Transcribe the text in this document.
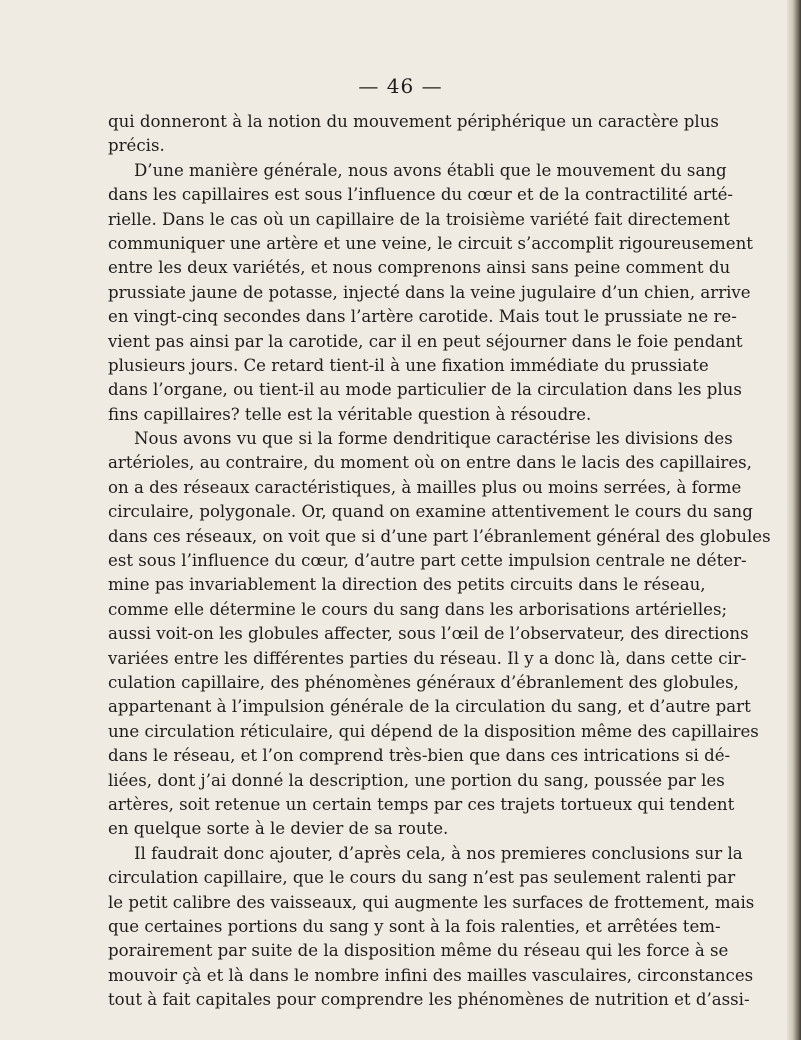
— 46 —
qui donneront à la notion du mouvement périphérique un caractère plus
précis.
D’une manière générale, nous avons établi que le mouvement du sang
dans les capillaires est sous l’influence du cœur et de la contractilité arté-
rielle. Dans le cas où un capillaire de la troisième variété fait directement
communiquer une artère et une veine, le circuit s’accomplit rigoureusement
entre les deux variétés, et nous comprenons ainsi sans peine comment du
prussiate jaune de potasse, injecté dans la veine jugulaire d’un chien, arrive
en vingt-cinq secondes dans l’artère carotide. Mais tout le prussiate ne re-
vient pas ainsi par la carotide, car il en peut séjourner dans le foie pendant
plusieurs jours. Ce retard tient-il à une fixation immédiate du prussiate
dans l’organe, ou tient-il au mode particulier de la circulation dans les plus
fins capillaires? telle est la véritable question à résoudre.
Nous avons vu que si la forme dendritique caractérise les divisions des
artérioles, au contraire, du moment où on entre dans le lacis des capillaires,
on a des réseaux caractéristiques, à mailles plus ou moins serrées, à forme
circulaire, polygonale. Or, quand on examine attentivement le cours du sang
dans ces réseaux, on voit que si d’une part l’ébranlement général des globules
est sous l’influence du cœur, d’autre part cette impulsion centrale ne déter-
mine pas invariablement la direction des petits circuits dans le réseau,
comme elle détermine le cours du sang dans les arborisations artérielles;
aussi voit-on les globules affecter, sous l’œil de l’observateur, des directions
variées entre les différentes parties du réseau. Il y a donc là, dans cette cir-
culation capillaire, des phénomènes généraux d’ébranlement des globules,
appartenant à l’impulsion générale de la circulation du sang, et d’autre part
une circulation réticulaire, qui dépend de la disposition même des capillaires
dans le réseau, et l’on comprend très-bien que dans ces intrications si dé-
liées, dont j’ai donné la description, une portion du sang, poussée par les
artères, soit retenue un certain temps par ces trajets tortueux qui tendent
en quelque sorte à le devier de sa route.
Il faudrait donc ajouter, d’après cela, à nos premieres conclusions sur la
circulation capillaire, que le cours du sang n’est pas seulement ralenti par
le petit calibre des vaisseaux, qui augmente les surfaces de frottement, mais
que certaines portions du sang y sont à la fois ralenties, et arrêtées tem-
porairement par suite de la disposition même du réseau qui les force à se
mouvoir çà et là dans le nombre infini des mailles vasculaires, circonstances
tout à fait capitales pour comprendre les phénomènes de nutrition et d’assi-
